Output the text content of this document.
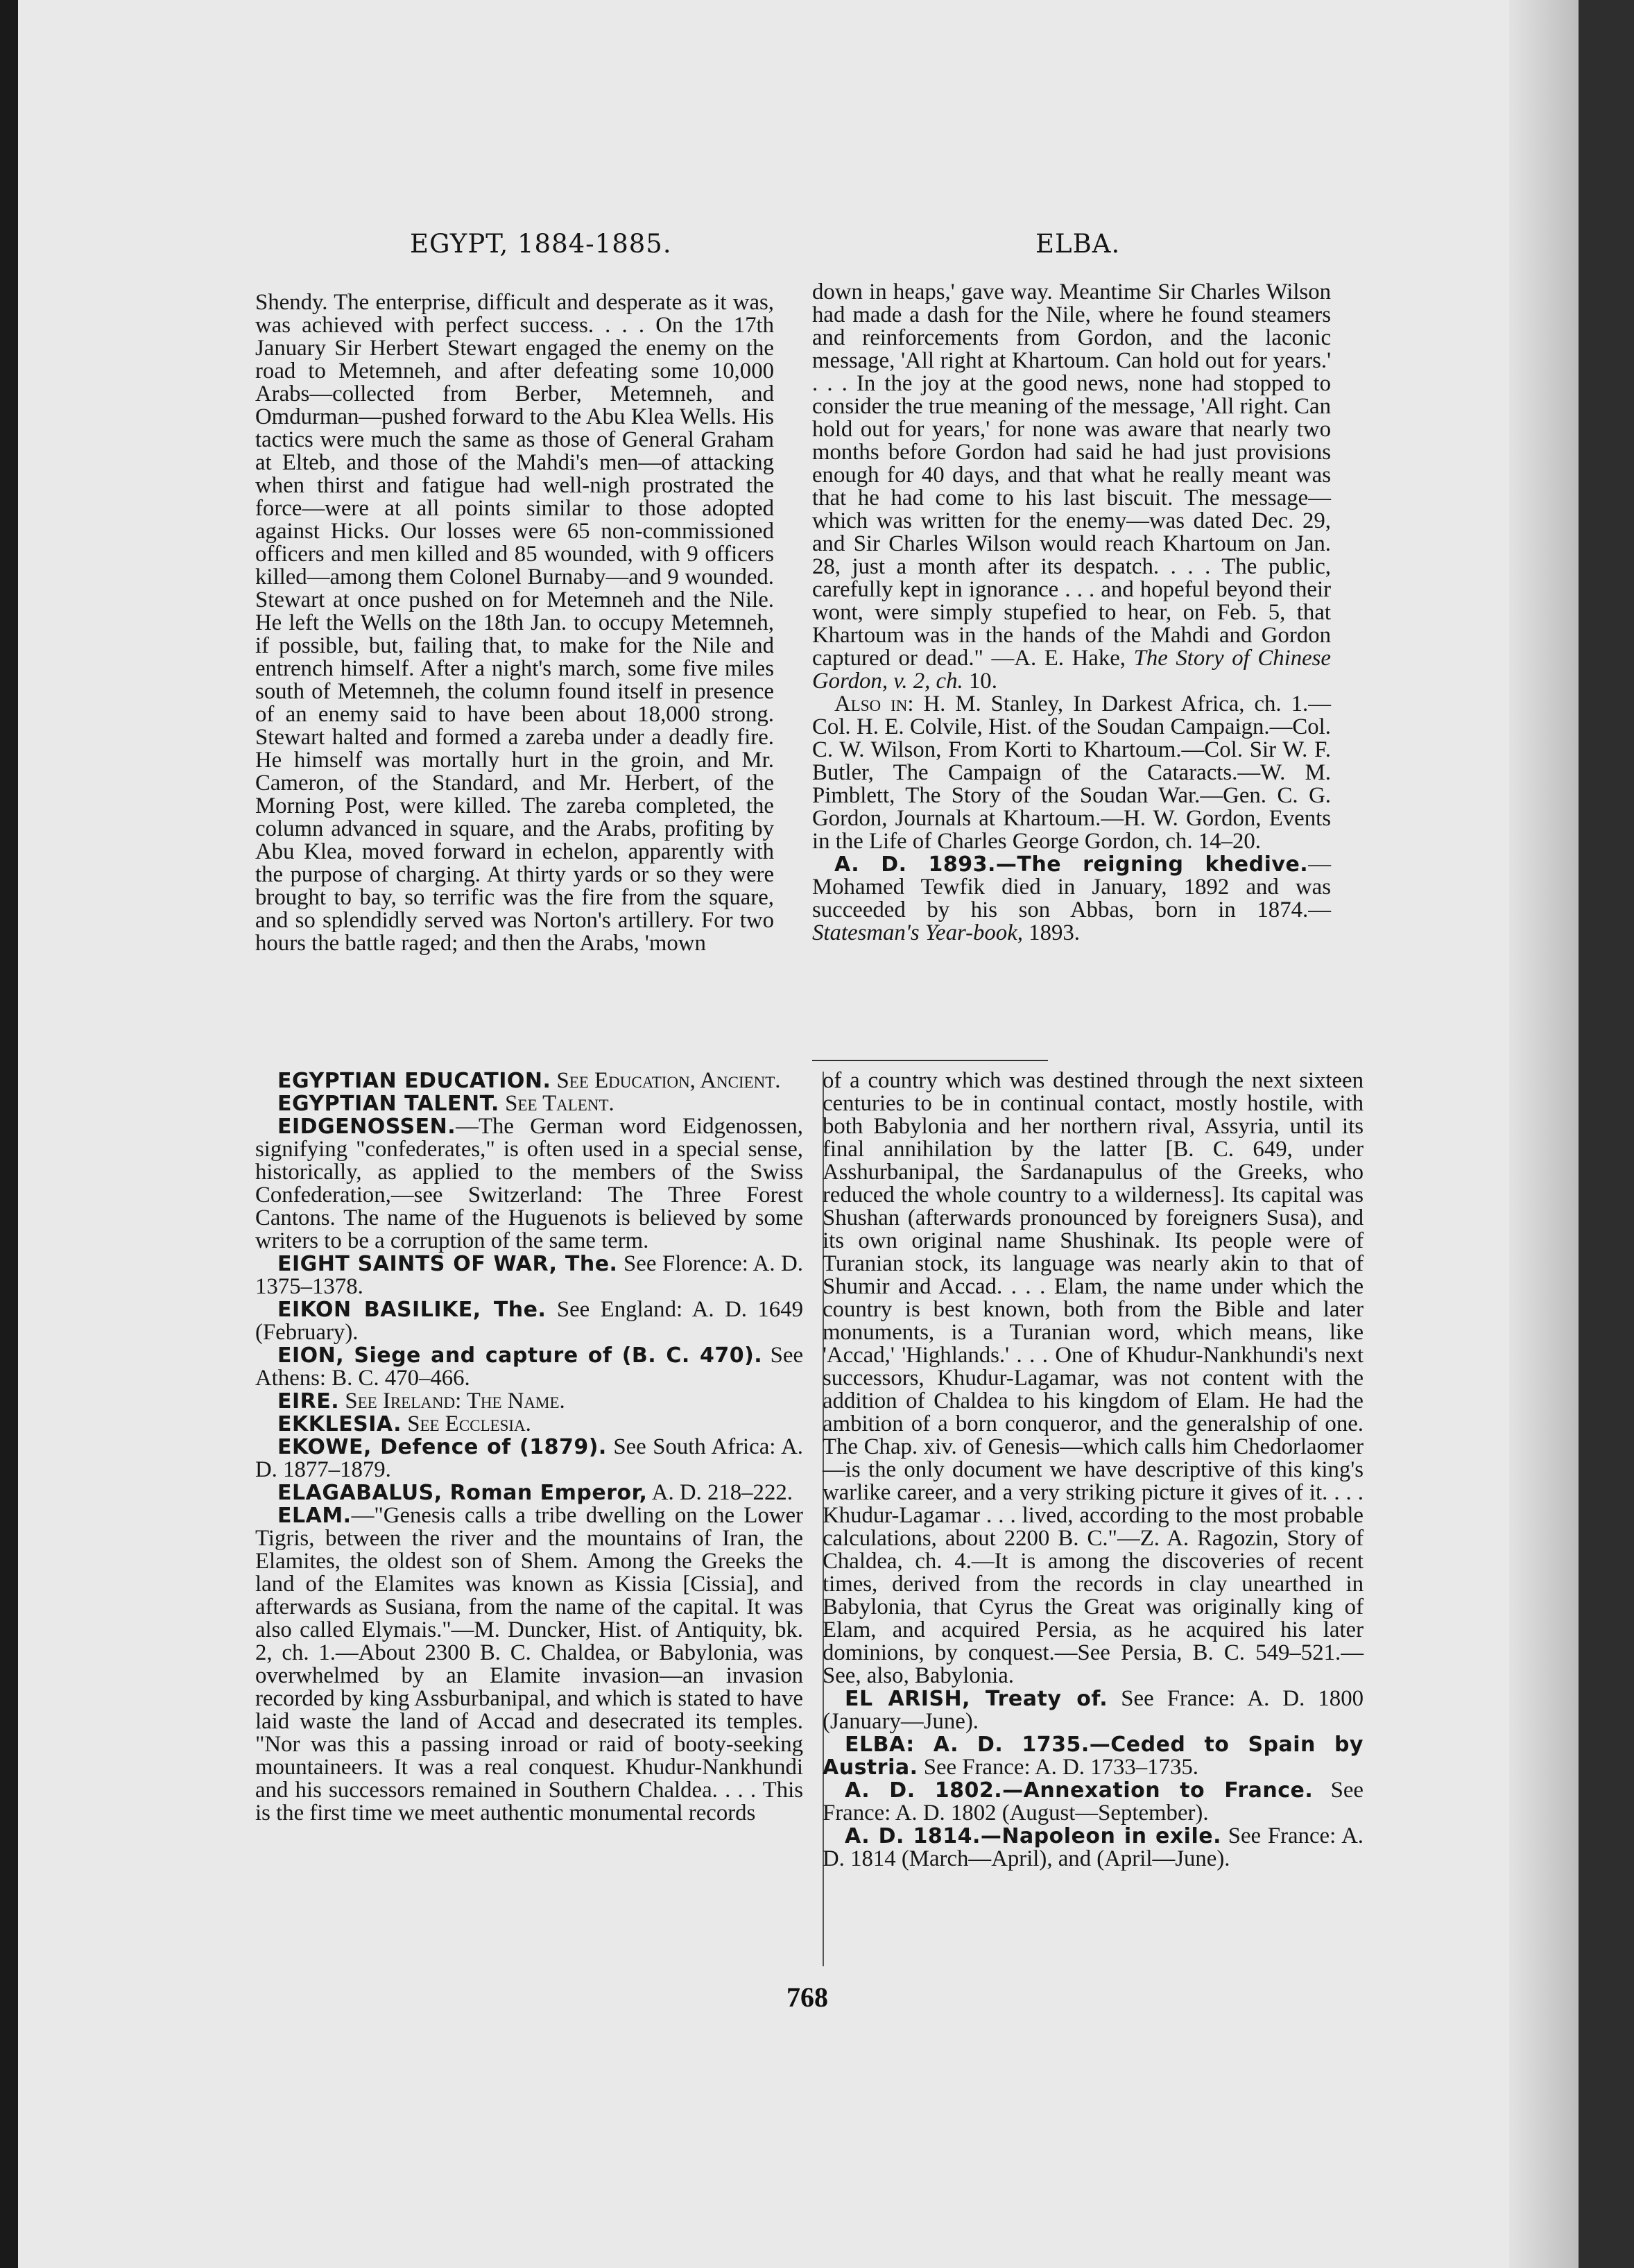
EGYPT, 1884-1885.	ELBA.

Shendy. The enterprise, difficult and desperate as it was, was achieved with perfect success. . . . On the 17th January Sir Herbert Stewart engaged the enemy on the road to Metemneh, and after defeating some 10,000 Arabs—collected from Berber, Metemneh, and Omdurman—pushed forward to the Abu Klea Wells. His tactics were much the same as those of General Graham at Elteb, and those of the Mahdi's men—of attacking when thirst and fatigue had well-nigh prostrated the force—were at all points similar to those adopted against Hicks. Our losses were 65 non-commissioned officers and men killed and 85 wounded, with 9 officers killed—among them Colonel Burnaby—and 9 wounded. Stewart at once pushed on for Metemneh and the Nile. He left the Wells on the 18th Jan. to occupy Metemneh, if possible, but, failing that, to make for the Nile and entrench himself. After a night's march, some five miles south of Metemneh, the column found itself in presence of an enemy said to have been about 18,000 strong. Stewart halted and formed a zareba under a deadly fire. He himself was mortally hurt in the groin, and Mr. Cameron, of the Standard, and Mr. Herbert, of the Morning Post, were killed. The zareba completed, the column advanced in square, and the Arabs, profiting by Abu Klea, moved forward in echelon, apparently with the purpose of charging. At thirty yards or so they were brought to bay, so terrific was the fire from the square, and so splendidly served was Norton's artillery. For two hours the battle raged; and then the Arabs, 'mown

down in heaps,' gave way. Meantime Sir Charles Wilson had made a dash for the Nile, where he found steamers and reinforcements from Gordon, and the laconic message, 'All right at Khartoum. Can hold out for years.' . . . In the joy at the good news, none had stopped to consider the true meaning of the message, 'All right. Can hold out for years,' for none was aware that nearly two months before Gordon had said he had just provisions enough for 40 days, and that what he really meant was that he had come to his last biscuit. The message—which was written for the enemy—was dated Dec. 29, and Sir Charles Wilson would reach Khartoum on Jan. 28, just a month after its despatch. . . . The public, carefully kept in ignorance . . . and hopeful beyond their wont, were simply stupefied to hear, on Feb. 5, that Khartoum was in the hands of the Mahdi and Gordon captured or dead." —A. E. Hake, The Story of Chinese Gordon, v. 2, ch. 10.

Also in: H. M. Stanley, In Darkest Africa, ch. 1.—Col. H. E. Colvile, Hist. of the Soudan Campaign.—Col. C. W. Wilson, From Korti to Khartoum.—Col. Sir W. F. Butler, The Campaign of the Cataracts.—W. M. Pimblett, The Story of the Soudan War.—Gen. C. G. Gordon, Journals at Khartoum.—H. W. Gordon, Events in the Life of Charles George Gordon, ch. 14–20.

A. D. 1893.—The reigning khedive.—Mohamed Tewfik died in January, 1892 and was succeeded by his son Abbas, born in 1874.— Statesman's Year-book, 1893.

EGYPTIAN EDUCATION. See Education, Ancient.

EGYPTIAN TALENT. See Talent.

EIDGENOSSEN.—The German word Eidgenossen, signifying "confederates," is often used in a special sense, historically, as applied to the members of the Swiss Confederation,—see Switzerland: The Three Forest Cantons. The name of the Huguenots is believed by some writers to be a corruption of the same term.

EIGHT SAINTS OF WAR, The. See Florence: A. D. 1375–1378.

EIKON BASILIKE, The. See England: A. D. 1649 (February).

EION, Siege and capture of (B. C. 470). See Athens: B. C. 470–466.

EIRE. See Ireland: The Name.

EKKLESIA. See Ecclesia.

EKOWE, Defence of (1879). See South Africa: A. D. 1877–1879.

ELAGABALUS, Roman Emperor, A. D. 218–222.

ELAM.—"Genesis calls a tribe dwelling on the Lower Tigris, between the river and the mountains of Iran, the Elamites, the oldest son of Shem. Among the Greeks the land of the Elamites was known as Kissia [Cissia], and afterwards as Susiana, from the name of the capital. It was also called Elymais."—M. Duncker, Hist. of Antiquity, bk. 2, ch. 1.—About 2300 B. C. Chaldea, or Babylonia, was overwhelmed by an Elamite invasion—an invasion recorded by king Assburbanipal, and which is stated to have laid waste the land of Accad and desecrated its temples. "Nor was this a passing inroad or raid of booty-seeking mountaineers. It was a real conquest. Khudur-Nankhundi and his successors remained in Southern Chaldea. . . . This is the first time we meet authentic monumental records

of a country which was destined through the next sixteen centuries to be in continual contact, mostly hostile, with both Babylonia and her northern rival, Assyria, until its final annihilation by the latter [B. C. 649, under Asshurbanipal, the Sardanapulus of the Greeks, who reduced the whole country to a wilderness]. Its capital was Shushan (afterwards pronounced by foreigners Susa), and its own original name Shushinak. Its people were of Turanian stock, its language was nearly akin to that of Shumir and Accad. . . . Elam, the name under which the country is best known, both from the Bible and later monuments, is a Turanian word, which means, like 'Accad,' 'Highlands.' . . . One of Khudur-Nankhundi's next successors, Khudur-Lagamar, was not content with the addition of Chaldea to his kingdom of Elam. He had the ambition of a born conqueror, and the generalship of one. The Chap. xiv. of Genesis—which calls him Chedorlaomer—is the only document we have descriptive of this king's warlike career, and a very striking picture it gives of it. . . . Khudur-Lagamar . . . lived, according to the most probable calculations, about 2200 B. C."—Z. A. Ragozin, Story of Chaldea, ch. 4.—It is among the discoveries of recent times, derived from the records in clay unearthed in Babylonia, that Cyrus the Great was originally king of Elam, and acquired Persia, as he acquired his later dominions, by conquest.—See Persia, B. C. 549–521.—See, also, Babylonia.

EL ARISH, Treaty of. See France: A. D. 1800 (January—June).

ELBA: A. D. 1735.—Ceded to Spain by Austria. See France: A. D. 1733–1735.

A. D. 1802.—Annexation to France. See France: A. D. 1802 (August—September).

A. D. 1814.—Napoleon in exile. See France: A. D. 1814 (March—April), and (April—June).

768
